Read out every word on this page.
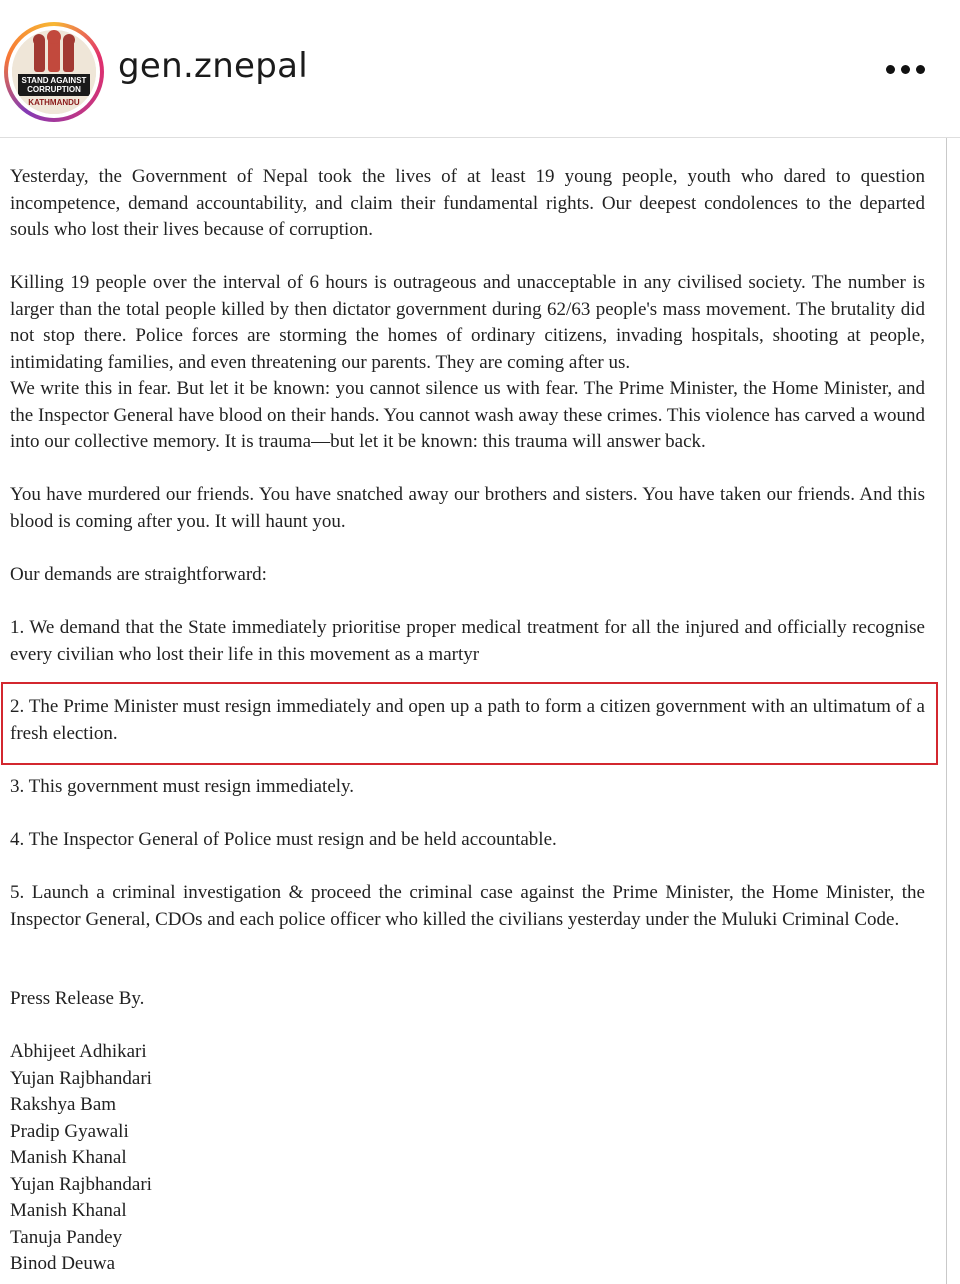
STAND AGAINST
CORRUPTION
KATHMANDU
gen.znepal

Yesterday, the Government of Nepal took the lives of at least 19 young people, youth who dared to question incompetence, demand accountability, and claim their fundamental rights. Our deepest condolences to the departed souls who lost their lives because of corruption.

Killing 19 people over the interval of 6 hours is outrageous and unacceptable in any civilised society. The number is larger than the total people killed by then dictator government during 62/63 people's mass movement. The brutality did not stop there. Police forces are storming the homes of ordinary citizens, invading hospitals, shooting at people, intimidating families, and even threatening our parents. They are coming after us.

We write this in fear. But let it be known: you cannot silence us with fear. The Prime Minister, the Home Minister, and the Inspector General have blood on their hands. You cannot wash away these crimes. This violence has carved a wound into our collective memory. It is trauma—but let it be known: this trauma will answer back.

You have murdered our friends. You have snatched away our brothers and sisters. You have taken our friends. And this blood is coming after you. It will haunt you.

Our demands are straightforward:

1. We demand that the State immediately prioritise proper medical treatment for all the injured and officially recognise every civilian who lost their life in this movement as a martyr

2. The Prime Minister must resign immediately and open up a path to form a citizen government with an ultimatum of a fresh election.

3. This government must resign immediately.

4. The Inspector General of Police must resign and be held accountable.

5. Launch a criminal investigation & proceed the criminal case against the Prime Minister, the Home Minister, the Inspector General, CDOs and each police officer who killed the civilians yesterday under the Muluki Criminal Code.

Press Release By.

Abhijeet Adhikari
Yujan Rajbhandari
Rakshya Bam
Pradip Gyawali
Manish Khanal
Yujan Rajbhandari
Manish Khanal
Tanuja Pandey
Binod Deuwa
